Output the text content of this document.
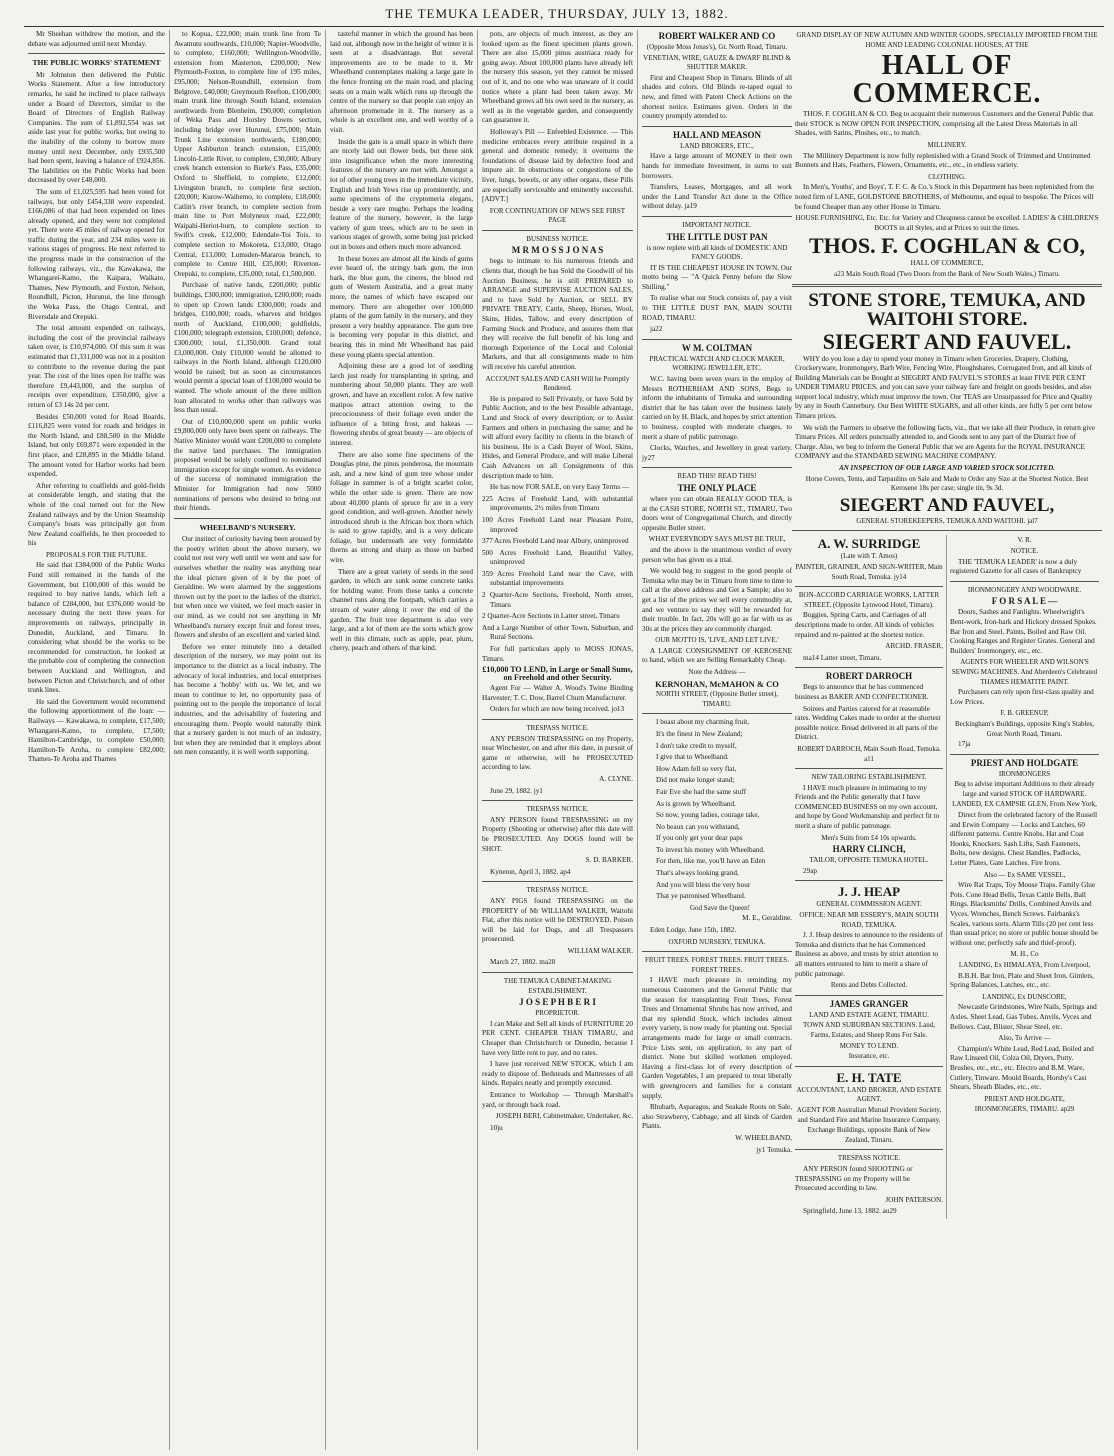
THE TEMUKA LEADER, THURSDAY, JULY 13, 1882.

Mr Sheehan withdrew the motion, and the debate was adjourned until next Monday.

THE PUBLIC WORKS' STATEMENT

Mr Johnston then delivered the Public Works Statement. After a few introductory remarks, he said he inclined to place railways under a Board of Directors, similar to the Board of Directors of English Railway Companies. The sum of £1,892,554 was set aside last year for public works, but owing to the inability of the colony to borrow more money until next December, only £935,500 had been spent, leaving a balance of £924,856. The liabilities on the Public Works had been decreased by over £48,000.

The sum of £1,025,595 had been voted for railways, but only £454,338 were expended. £166,086 of that had been expended on lines already opened, and they were not completed yet. There were 45 miles of railway opened for traffic during the year, and 234 miles were in various stages of progress. He next referred to the progress made in the construction of the following railways, viz., the Kawakawa, the Whangarei-Kamo, the Kaipara, Waikato, Thames, New Plymouth, and Foxton, Nelson, Roundhill, Picton, Hurunui, the line through the Weka Pass, the Otago Central, and Riversdale and Orepuki.

The total amount expended on railways, including the cost of the provincial railways taken over, is £10,974,000. Of this sum it was estimated that £1,331,000 was not in a position to contribute to the revenue during the past year. The cost of the lines open for traffic was therefore £9,443,000, and the surplus of receipts over expenditure, £350,000, give a return of £3 14s 2d per cent.

Besides £50,000 voted for Road Boards, £116,825 were voted for roads and bridges in the North Island, and £88,500 in the Middle Island, but only £69,871 were expended in the first place, and £28,895 in the Middle Island. The amount voted for Harbor works had been expended.

After referring to coalfields and gold-fields at considerable length, and stating that the whole of the coal turned out for the New Zealand railways and by the Union Steamship Company's boats was principally got from New Zealand coalfields, he then proceeded to his

PROPOSALS FOR THE FUTURE.

He said that £384,000 of the Public Works Fund still remained in the hands of the Government, but £100,000 of this would be required to buy native lands, which left a balance of £284,000, but £376,000 would be necessary during the next three years for improvements on railways, principally in Dunedin, Auckland, and Timaru. In considering what should be the works to be recommended for construction, he looked at the probable cost of completing the connection between Auckland and Wellington, and between Picton and Christchurch, and of other trunk lines.

He said the Government would recommend the following apportionment of the loan: — Railways — Kawakawa, to complete, £17,500; Whangarei-Kamo, to complete, £7,500; Hamilton-Cambridge, to complete £50,000; Hamilton-Te Aroha, to complete £82,000; Thames-Te Aroha and Thames

to Kopua, £22,000; main trunk line from Te Awamutu southwards, £10,000; Napier-Woodville, to complete, £160,000; Wellington-Woodville, extension from Masterton, £200,000; New Plymouth-Foxton, to complete line of 195 miles, £95,000; Nelson-Roundhill, extension from Belgrove, £40,000; Greymouth Reefton, £100,000; main trunk line through South Island, extension southwards from Blenheim, £90,000; completion of Weka Pass and Horsley Downs section, including bridge over Hurunui, £75,000; Main Trunk Line extension northwards, £180,000; Upper Ashburton branch extension, £15,000; Lincoln-Little River, to complete, £30,000; Albury creek branch extension to Burke's Pass, £35,000; Oxford to Sheffield, to complete, £12,000; Livingston branch, to complete first section, £20,000; Kurow-Waihemo, to complete, £18,000; Catlin's river branch, to complete section from main line to Port Molyneux road, £22,000; Waipahi-Heriot-burn, to complete section to Swift's creek, £12,000; Edendale-Toi Tois, to complete section to Mokoreta, £13,000; Otago Central, £13,000; Lumsden-Mararoa branch, to complete to Centre Hill, £35,000; Riverton-Orepuki, to complete, £35,000; total, £1,500,000.

Purchase of native lands, £200,000; public buildings, £300,000; immigration, £200,000; roads to open up Crown lands £300,000; roads and bridges, £100,000; roads, wharves and bridges north of Auckland, £100,000; goldfields, £100,000; telegraph extension, £100,000; defence, £300,000; total, £1,350,000. Grand total £3,000,000. Only £10,000 would be allotted to railways in the North Island, although £120,000 would be raised; but as soon as circumstances would permit a special loan of £100,000 would be wanted. The whole amount of the three million loan allocated to works other than railways was less than usual.

Out of £10,000,000 spent on public works £9,800,000 only have been spent on railways. The Native Minister would want £200,000 to complete the native land purchases. The immigration proposed would be solely confined to nominated immigration except for single women. As evidence of the success of nominated immigration the Minister for Immigration had now 5000 nominations of persons who desired to bring out their friends.

WHEELBAND'S NURSERY.

Our instinct of curiosity having been aroused by the poetry written about the above nursery, we could not rest very well until we went and saw for ourselves whether the reality was anything near the ideal picture given of it by the poet of Geraldine. We were alarmed by the suggestions thrown out by the poet to the ladies of the district, but when once we visited, we feel much easier in our mind, as we could not see anything in Mr Wheelband's nursery except fruit and forest trees, flowers and shrubs of an excellent and varied kind.

Before we enter minutely into a detailed description of the nursery, we may point out its importance to the district as a local industry. The advocacy of local industries, and local enterprises has become a 'hobby' with us. We let, and we mean to continue to let, no opportunity pass of pointing out to the people the importance of local industries, and the advisability of fostering and encouraging them. People would naturally think that a nursery garden is not much of an industry, but when they are reminded that it employs about ten men constantly, it is well worth supporting.

tasteful manner in which the ground has been laid out, although now in the height of winter it is seen at a disadvantage. But several improvements are to be made to it. Mr Wheelband contemplates making a large gate in the fence fronting on the main road, and placing seats on a main walk which runs up through the centre of the nursery so that people can enjoy an afternoon promenade in it. The nursery as a whole is an excellent one, and well worthy of a visit.

Inside the gate is a small space in which there are nicely laid out flower beds, but these sink into insignificance when the more interesting features of the nursery are met with. Amongst a lot of other young trees in the immediate vicinity, English and Irish Yews rise up prominently, and some specimens of the cryptomeria elegans, beside a very rare mugho. Perhaps the leading feature of the nursery, however, is the large variety of gum trees, which are to be seen in various stages of growth, some being just pricked out in boxes and others much more advanced.

In these boxes are almost all the kinds of gums ever heard of, the stringy bark gum, the iron bark, the blue gum, the cineres, the blood red gum of Western Australia, and a great many more, the names of which have escaped our memory. There are altogether over 100,000 plants of the gum family in the nursery, and they present a very healthy appearance. The gum tree is becoming very popular in this district, and bearing this in mind Mr Wheelband has paid these young plants special attention.

Adjoining these are a good lot of seedling larch just ready for transplanting in spring, and numbering about 50,000 plants. They are well grown, and have an excellent color. A few native matipos attract attention owing to the precociousness of their foliage even under the influence of a biting frost, and hakeas — flowering shrubs of great beauty — are objects of interest.

There are also some fine specimens of the Douglas pine, the pinus ponderosa, the mountain ash, and a new kind of gum tree whose under foliage in summer is of a bright scarlet color, while the other side is green. There are now about 40,000 plants of spruce fir are in a very good condition, and well-grown. Another newly introduced shrub is the African box thorn which is said to grow rapidly, and is a very delicate foliage, but underneath are very formidable thorns as strong and sharp as those on barbed wire.

There are a great variety of seeds in the seed garden, in which are sunk some concrete tanks for holding water. From these tanks a concrete channel runs along the footpath, which carries a stream of water along it over the end of the garden. The fruit tree department is also very large, and a lot of them are the sorts which grow well in this climate, such as apple, pear, plum, cherry, peach and others of that kind.

pots, are objects of much interest, as they are looked upon as the finest specimen plants grown. There are also 15,000 pinus austriaca ready for going away. About 100,000 plants have already left the nursery this season, yet they cannot be missed out of it, and no one who was unaware of it could notice where a plant had been taken away. Mr Wheelband grows all his own seed in the nursery, as well as in the vegetable garden, and consequently can guarantee it.

Holloway's Pill — Enfeebled Existence. — This medicine embraces every attribute required in a general and domestic remedy; it overturns the foundations of disease laid by defective food and impure air. In obstructions or congestions of the liver, lungs, bowels, or any other organs, these Pills are especially serviceable and eminently successful. [ADVT.]

FOR CONTINUATION OF NEWS SEE FIRST PAGE

BUSINESS NOTICE.

M R M O S S J O N A S

begs to intimate to his numerous friends and clients that, though he has Sold the Goodwill of his Auction Business, he is still PREPARED to ARRANGE and SUPERVISE AUCTION SALES, and to have Sold by Auction, or SELL BY PRIVATE TREATY, Cattle, Sheep, Horses, Wool, Skins, Hides, Tallow, and every description of Farming Stock and Produce, and assures them that they will receive the full benefit of his long and thorough Experience of the Local and Colonial Markets, and that all consignments made to him will receive his careful attention.

ACCOUNT SALES AND CASH Will be Promptly Rendered.

He is prepared to Sell Privately, or have Sold by Public Auction, and to the best Possible advantage, Land and Stock of every description; or to Assist Farmers and others in purchasing the same; and he will afford every facility to clients in the branch of his business. He is a Cash Buyer of Wool, Skins, Hides, and General Produce, and will make Liberal Cash Advances on all Consignments of this description made to him.

He has now FOR SALE, on very Easy Terms —

225 Acres of Freehold Land, with substantial improvements, 2½ miles from Timaru

100 Acres Freehold Land near Pleasant Point, improved

377 Acres Freehold Land near Albury, unimproved

500 Acres Freehold Land, Beautiful Valley, unimproved

359 Acres Freehold Land near the Cave, with substantial improvements

2 Quarter-Acre Sections, Freehold, North street, Timaru

2 Quarter-Acre Sections in Latter street, Timaru

And a Large Number of other Town, Suburban, and Rural Sections.

For full particulars apply to MOSS JONAS, Timaru.

£10,000 TO LEND, in Large or Small Sums, on Freehold and other Security.

Agent For — Walter A. Wood's Twine Binding Harvester; T. C. Dow, Barrel Churn Manufacturer.

Orders for which are now being received. jo13

TRESPASS NOTICE.

ANY PERSON TRESPASSING on my Property, near Winchester, on and after this date, in pursuit of game or otherwise, will be PROSECUTED according to law.

A. CLYNE.

June 29, 1882. jy1

TRESPASS NOTICE.

ANY PERSON found TRESPASSING on my Property (Shooting or otherwise) after this date will be PROSECUTED. Any DOGS found will be SHOT.

S. D. BARKER.

Kyneton, April 3, 1882. ap4

TRESPASS NOTICE.

ANY PIGS found TRESPASSING on the PROPERTY of Mr WILLIAM WALKER, Waitohi Flat, after this notice will be DESTROYED. Poison will be laid for Dogs, and all Trespassers prosecuted.

WILLIAM WALKER.

March 27, 1882. ma28

THE TEMUKA CABINET-MAKING ESTABLISHMENT.

J O S E P H B E R I

PROPRIETOR.

I can Make and Sell all kinds of FURNITURE 20 PER CENT. CHEAPER THAN TIMARU, and Cheaper than Christchurch or Dunedin, because I have very little rent to pay, and no rates.

I have just received NEW STOCK, which I am ready to dispose of. Bedsteads and Mattresses of all kinds. Repairs neatly and promptly executed.

Entrance to Workshop — Through Marshall's yard, or through back road.

JOSEPH BERI, Cabinetmaker, Undertaker, &c.

10ju

ROBERT WALKER AND CO

(Opposite Moss Jonas's), Gt. North Road, Timaru.

VENETIAN, WIRE, GAUZE & DWARF BLIND & SHUTTER MAKER.

First and Cheapest Shop in Timaru. Blinds of all shades and colors. Old Blinds re-taped equal to new, and fitted with Patent Check Actions on the shortest notice. Estimates given. Orders in the country promptly attended to.

HALL AND MEASON

LAND BROKERS, ETC.,

Have a large amount of MONEY in their own hands for immediate Investment, in sums to suit borrowers.

Transfers, Leases, Mortgages, and all work under the Land Transfer Act done in the Office without delay. ja19

IMPORTANT NOTICE.

THE LITTLE DUST PAN

is now replete with all kinds of DOMESTIC AND FANCY GOODS.

IT IS THE CHEAPEST HOUSE IN TOWN, Our motto being — "A Quick Penny before the Slow Shilling."

To realise what our Stock consists of, pay a visit to THE LITTLE DUST PAN, MAIN SOUTH ROAD, TIMARU.

ja22

W M. COLTMAN

PRACTICAL WATCH AND CLOCK MAKER, WORKING JEWELLER, ETC.

W.C. having been seven years in the employ of Messrs ROTHERHAM AND SONS, Begs to inform the inhabitants of Temuka and surrounding district that he has taken over the business lately carried on by H. Black, and hopes by strict attention to business, coupled with moderate charges, to merit a share of public patronage.

Clocks, Watches, and Jewellery in great variety. jy27

READ THIS! READ THIS!

THE ONLY PLACE

where you can obtain REALLY GOOD TEA, is at the CASH STORE, NORTH ST., TIMARU, Two doors west of Congregational Church, and directly opposite Butler street.

WHAT EVERYBODY SAYS MUST BE TRUE,

and the above is the unanimous verdict of every person who has given us a trial.

We would beg to suggest to the good people of Temuka who may be in Timaru from time to time to call at the above address and Get a Sample; also to get a list of the prices we sell every commodity at, and we venture to say they will be rewarded for their trouble. In fact, 20s will go as far with us as 30s at the prices they are commonly charged.

OUR MOTTO IS, 'LIVE, AND LET LIVE.'

A LARGE CONSIGNMENT OF KEROSENE to hand, which we are Selling Remarkably Cheap.

Note the Address —

KERNOHAN, McMAHON & CO

NORTH STREET, (Opposite Butler street), TIMARU.

I boast about my charming fruit,

It's the finest in New Zealand;

I don't take credit to myself,

I give that to Wheelband.

How Adam fell so very flat,

Did not make longer stand;

Fair Eve she had the same stuff

As is grown by Wheelband.

So now, young ladies, courage take,

No beaux can you withstand,

If you only get your dear paps

To invest his money with Wheelband.

For then, like me, you'll have an Eden

That's always looking grand,

And you will bless the very hour

That ye patronised Wheelband.

God Save the Queen!

M. E., Geraldine.

Eden Lodge, June 15th, 1882.

OXFORD NURSERY, TEMUKA.

FRUIT TREES. FOREST TREES. FRUIT TREES. FOREST TREES.

I HAVE much pleasure in reminding my numerous Customers and the General Public that the season for transplanting Fruit Trees, Forest Trees and Ornamental Shrubs has now arrived, and that my splendid Stock, which includes almost every variety, is now ready for planting out. Special arrangements made for large or small contracts. Price Lists sent, on application, to any part of district. None but skilled workmen employed. Having a first-class lot of every description of Garden Vegetables, I am prepared to treat liberally with greengrocers and families for a constant supply.

Rhubarb, Asparagus, and Seakale Roots on Sale, also Strawberry, Cabbage, and all kinds of Garden Plants.

W. WHEELBAND,

jy1 Temuka.

GRAND DISPLAY OF NEW AUTUMN AND WINTER GOODS, SPECIALLY IMPORTED FROM THE HOME AND LEADING COLONIAL HOUSES, AT THE

HALL OF COMMERCE.

THOS. F. COGHLAN & CO. Beg to acquaint their numerous Customers and the General Public that their STOCK is NOW OPEN FOR INSPECTION, comprising all the Latest Dress Materials in all Shades, with Satins, Plushes, etc., to match.

MILLINERY.

The Millinery Department is now fully replenished with a Grand Stock of Trimmed and Untrimmed Bonnets and Hats, Feathers, Flowers, Ornaments, etc., etc., in endless variety.

CLOTHING.

In Men's, Youths', and Boys', T. F. C. & Co.'s Stock in this Department has been replenished from the noted firm of LANE, GOLDSTONE BROTHERS, of Melbourne, and equal to bespoke. The Prices will be found Cheaper than any other House in Timaru.

HOUSE FURNISHING, Etc. Etc. for Variety and Cheapness cannot be excelled. LADIES' & CHILDREN'S BOOTS in all Styles, and at Prices to suit the times.

THOS. F. COGHLAN & CO,

HALL OF COMMERCE,

a23 Main South Road (Two Doors from the Bank of New South Wales,) Timaru.

STONE STORE, TEMUKA, AND WAITOHI STORE.

SIEGERT AND FAUVEL.

WHY do you lose a day to spend your money in Timaru when Groceries, Drapery, Clothing, Crockeryware, Ironmongery, Barb Wire, Fencing Wire, Ploughshares, Corrugated Iron, and all kinds of Building Materials can be Bought at SIEGERT AND FAUVEL'S STORES at least FIVE PER CENT UNDER TIMARU PRICES, and you can save your railway fare and freight on goods besides, and also support local industry, which must improve the town. Our TEAS are Unsurpassed for Price and Quality by any in South Canterbury. Our Best WHITE SUGARS, and all other kinds, are fully 5 per cent below Timaru prices.

We wish the Farmers to observe the following facts, viz., that we take all their Produce, in return give Timaru Prices. All orders punctually attended to, and Goods sent to any part of the District free of Charge. Also, we beg to inform the General Public that we are Agents for the ROYAL INSURANCE COMPANY and the STANDARD SEWING MACHINE COMPANY.

AN INSPECTION OF OUR LARGE AND VARIED STOCK SOLICITED.

Horse Covers, Tents, and Tarpaulins on Sale and Made to Order any Size at the Shortest Notice. Best Kerosene 18s per case; single tin, 9s 3d.

SIEGERT AND FAUVEL,

GENERAL STOREKEEPERS, TEMUKA AND WAITOHI. jal7

A. W. SURRIDGE

(Late with T. Amos)

PAINTER, GRAINER, AND SIGN-WRITER, Main South Road, Temuka. jy14

BON-ACCORD CARRIAGE WORKS, LATTER STREET, (Opposite Lynwood Hotel, Timaru).

Buggies, Spring Carts, and Carriages of all descriptions made to order. All kinds of vehicles repaired and re-painted at the shortest notice.

ARCHD. FRASER,

ma14 Latter street, Timaru.

ROBERT DARROCH

Begs to announce that he has commenced business as BAKER AND CONFECTIONER.

Soirees and Parties catered for at reasonable rates. Wedding Cakes made to order at the shortest possible notice. Bread delivered in all parts of the District.

ROBERT DARROCH, Main South Road, Temuka. a11

NEW TAILORING ESTABLISHMENT.

I HAVE much pleasure in intimating to my Friends and the Public generally that I have COMMENCED BUSINESS on my own account, and hope by Good Workmanship and perfect fit to merit a share of public patronage.

Men's Suits from £4 10s upwards.

HARRY CLINCH,

TAILOR, OPPOSITE TEMUKA HOTEL.

29ap

J. J. HEAP

GENERAL COMMISSION AGENT.

OFFICE: NEAR MR ESSERY'S, MAIN SOUTH ROAD, TEMUKA.

J. J. Heap desires to announce to the residents of Temuka and districts that he has Commenced Business as above, and trusts by strict attention to all matters entrusted to him to merit a share of public patronage.

Rents and Debts Collected.

JAMES GRANGER

LAND AND ESTATE AGENT, TIMARU.

TOWN AND SUBURBAN SECTIONS. Land, Farms, Estates, and Sheep Runs For Sale.

MONEY TO LEND.

Insurance, etc.

E. H. TATE

ACCOUNTANT, LAND BROKER, AND ESTATE AGENT.

AGENT FOR Australian Mutual Provident Society, and Standard Fire and Marine Insurance Company.

Exchange Buildings, opposite Bank of New Zealand, Timaru.

TRESPASS NOTICE.

ANY PERSON found SHOOTING or TRESPASSING on my Property will be Prosecuted according to law.

JOHN PATERSON.

Springfield, June 13, 1882. au29

V. R.

NOTICE.

THE 'TEMUKA LEADER' is now a duly registered Gazette for all cases of Bankruptcy

IRONMONGERY AND WOODWARE.

F O R S A L E —

Doors, Sashes and Fanlights. Wheelwright's Bent-work, Iron-bark and Hickory dressed Spokes. Bar Iron and Steel. Paints, Boiled and Raw Oil. Cooking Ranges and Register Grates. General and Builders' Ironmongery, etc., etc.

AGENTS FOR WHEELER AND WILSON'S SEWING MACHINES. And Aberdeen's Celebrated THAMES HEMATITE PAINT.

Purchasers can rely upon first-class quality and Low Prices.

F. B. GREENUP,

Beckingham's Buildings, opposite King's Stables, Great North Road, Timaru.

17ja

PRIEST AND HOLDGATE

IRONMONGERS

Beg to advise important Additions to their already large and varied STOCK OF HARDWARE.

LANDED, EX CAMPSIE GLEN, From New York,

Direct from the celebrated factory of the Russell and Erwin Company — Locks and Latches, 60 different patterns. Centre Knobs, Hat and Coat Hooks, Knockers. Sash Lifts, Sash Fasteners, Bolts, new designs. Chest Handles, Padlocks, Letter Plates, Gate Latches. Fire Irons.

Also — Ex SAME VESSEL,

Wire Rat Traps, Toy Mouse Traps. Family Glue Pots. Cone Head Bells, Texas Cattle Bells, Ball Rings. Blacksmiths' Drills, Combined Anvils and Vyces. Wrenches, Bench Screws. Fairbanks's Scales, various sorts. Alarm Tills (20 per cent less than usual price; no store or public house should be without one; perfectly safe and thief-proof).

M. H., Co

LANDING, Ex HIMALAYA, From Liverpool,

B.B.H. Bar Iron, Plate and Sheet Iron. Gimlets, Spring Balances, Latches, etc., etc.

LANDING, Ex DUNSCORE,

Newcastle Grindstones, Wire Nails, Springs and Axles. Sheet Lead, Gas Tubes, Anvils, Vyces and Bellows. Cast, Blister, Shear Steel, etc.

Also, To Arrive —

Champion's White Lead, Red Lead, Boiled and Raw Linseed Oil, Colza Oil, Dryers, Putty. Brushes, etc., etc., etc. Electro and B.M. Ware, Cutlery, Tinware. Mould Boards, Horsby's Cast Shears, Sheath Blades, etc., etc.

PRIEST AND HOLDGATE,

IRONMONGERS, TIMARU. ap29
